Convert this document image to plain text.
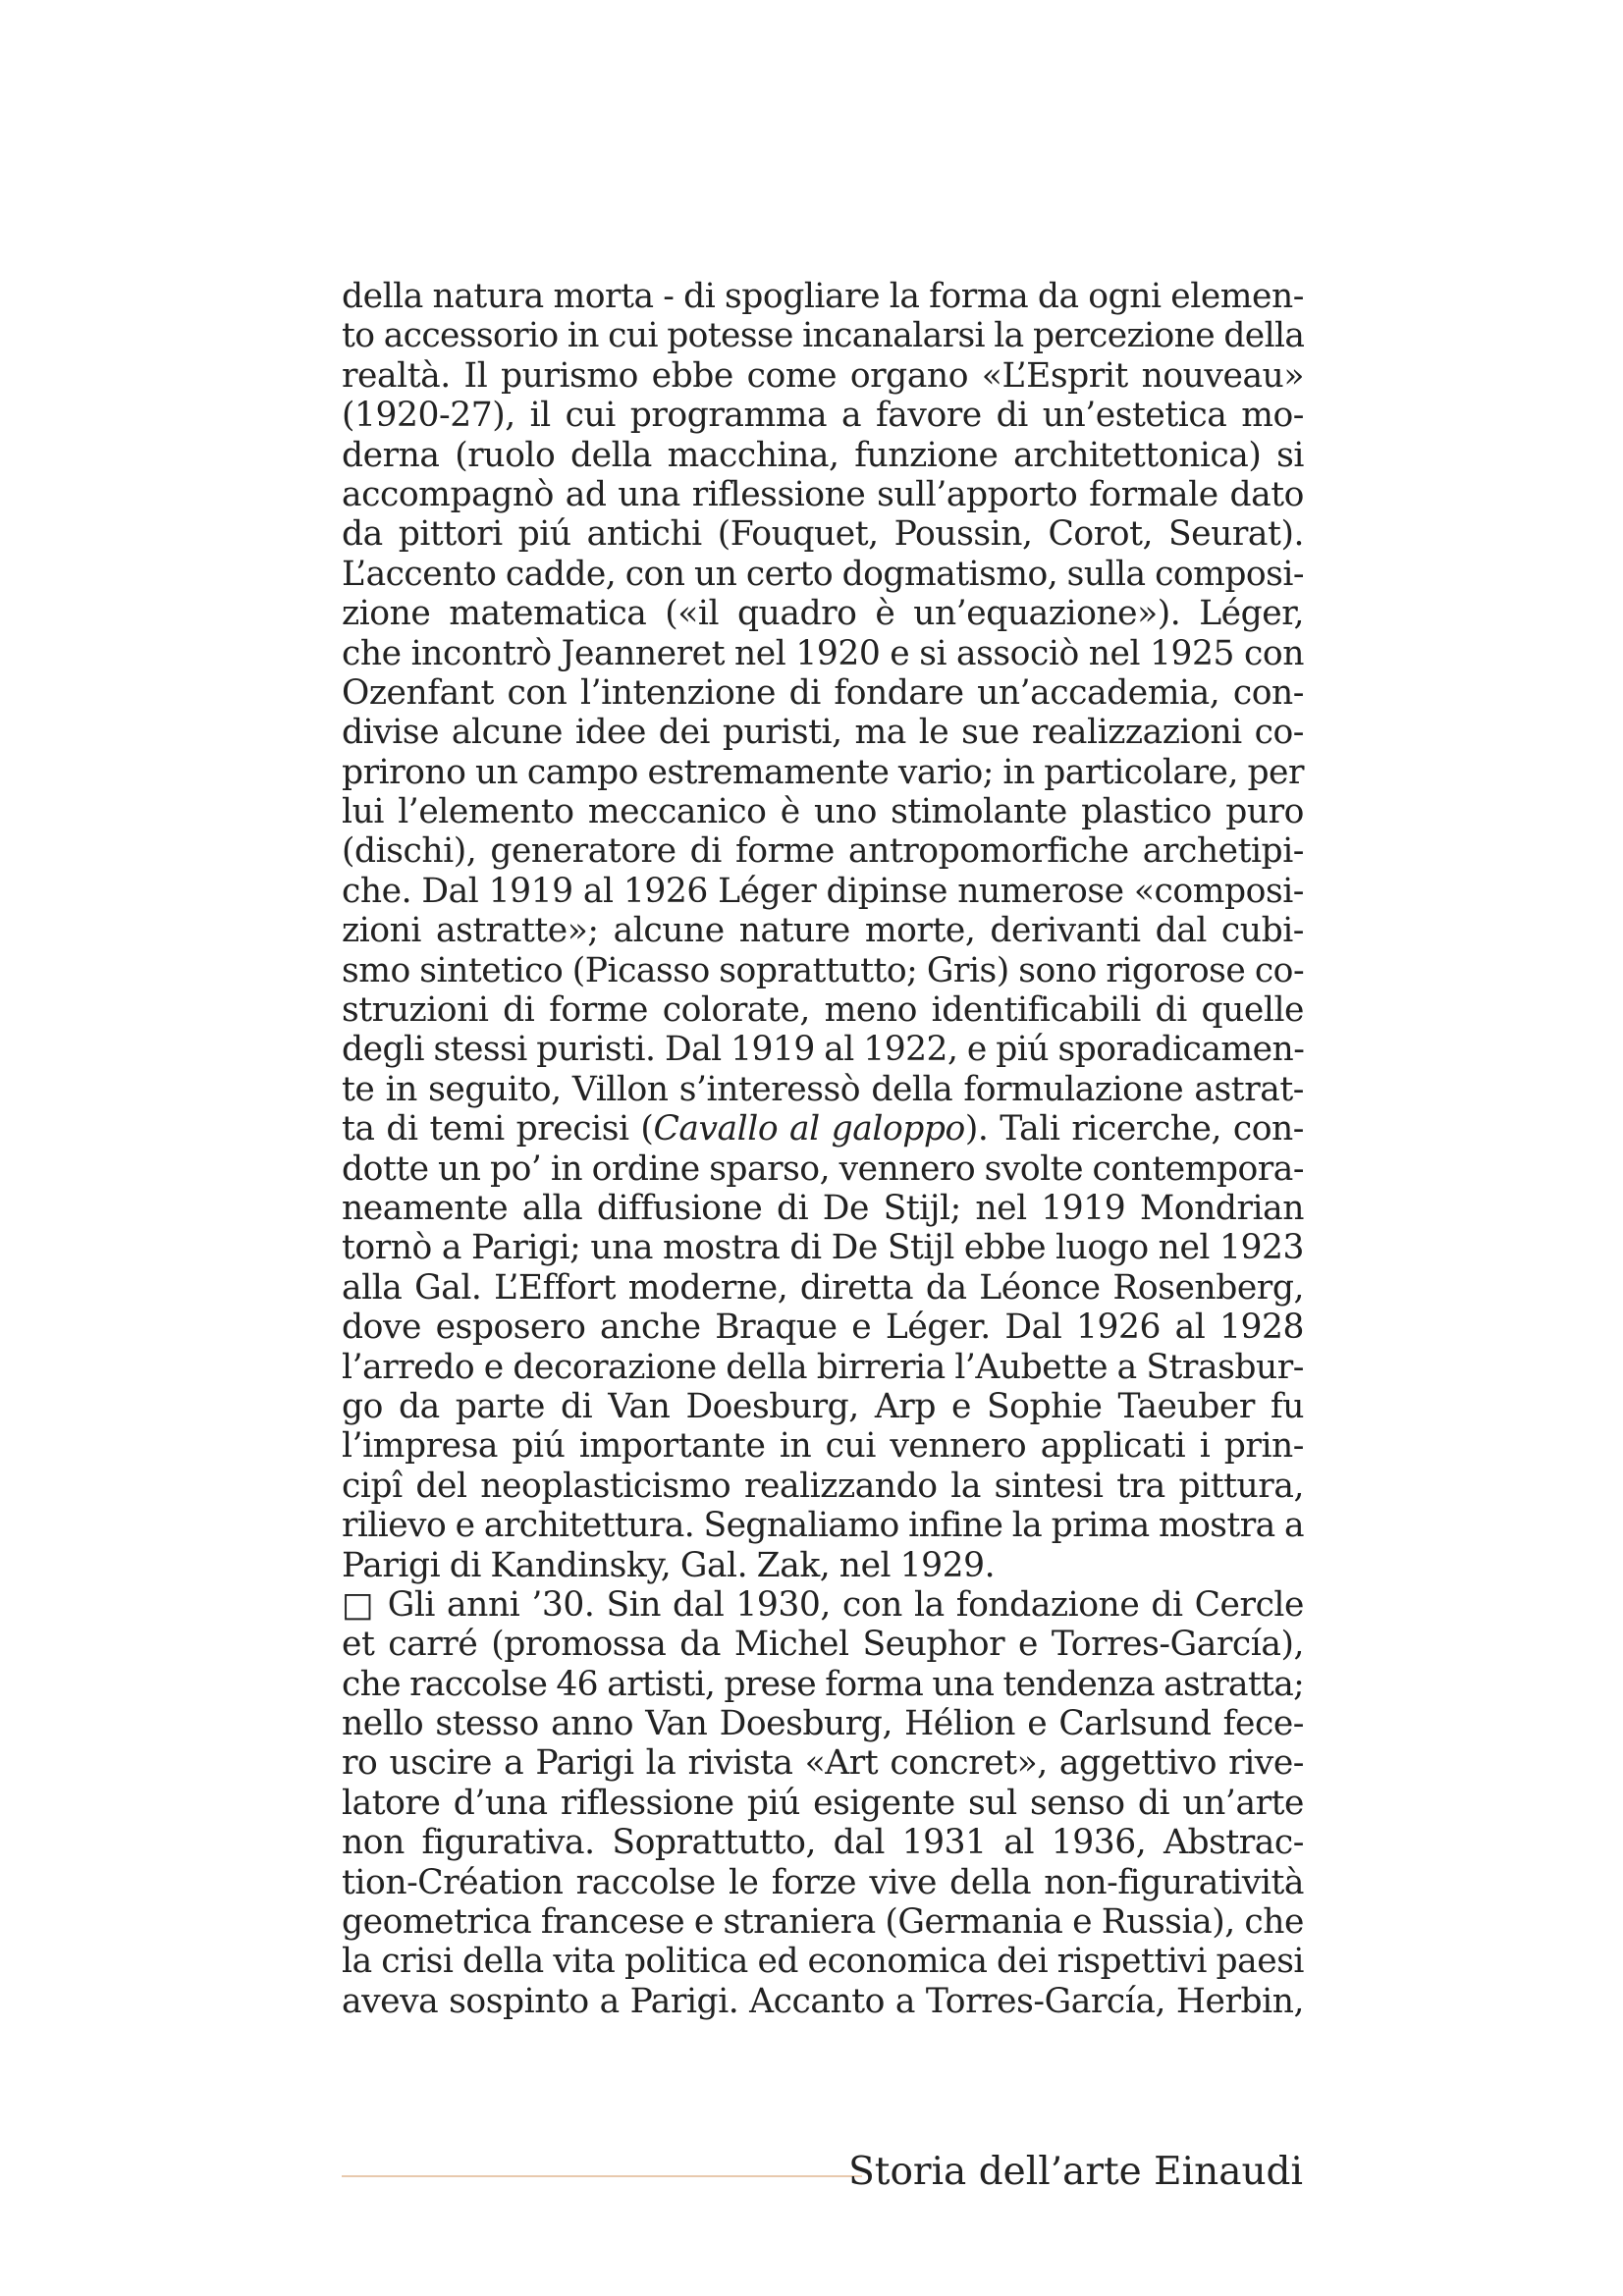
della natura morta - di spogliare la forma da ogni elemen-
to accessorio in cui potesse incanalarsi la percezione della
realtà. Il purismo ebbe come organo «L’Esprit nouveau»
(1920-27), il cui programma a favore di un’estetica mo-
derna (ruolo della macchina, funzione architettonica) si
accompagnò ad una riflessione sull’apporto formale dato
da pittori piú antichi (Fouquet, Poussin, Corot, Seurat).
L’accento cadde, con un certo dogmatismo, sulla composi-
zione matematica («il quadro è un’equazione»). Léger,
che incontrò Jeanneret nel 1920 e si associò nel 1925 con
Ozenfant con l’intenzione di fondare un’accademia, con-
divise alcune idee dei puristi, ma le sue realizzazioni co-
prirono un campo estremamente vario; in particolare, per
lui l’elemento meccanico è uno stimolante plastico puro
(dischi), generatore di forme antropomorfiche archetipi-
che. Dal 1919 al 1926 Léger dipinse numerose «composi-
zioni astratte»; alcune nature morte, derivanti dal cubi-
smo sintetico (Picasso soprattutto; Gris) sono rigorose co-
struzioni di forme colorate, meno identificabili di quelle
degli stessi puristi. Dal 1919 al 1922, e piú sporadicamen-
te in seguito, Villon s’interessò della formulazione astrat-
ta di temi precisi (Cavallo al galoppo). Tali ricerche, con-
dotte un po’ in ordine sparso, vennero svolte contempora-
neamente alla diffusione di De Stijl; nel 1919 Mondrian
tornò a Parigi; una mostra di De Stijl ebbe luogo nel 1923
alla Gal. L’Effort moderne, diretta da Léonce Rosenberg,
dove esposero anche Braque e Léger. Dal 1926 al 1928
l’arredo e decorazione della birreria l’Aubette a Strasbur-
go da parte di Van Doesburg, Arp e Sophie Taeuber fu
l’impresa piú importante in cui vennero applicati i prin-
cipî del neoplasticismo realizzando la sintesi tra pittura,
rilievo e architettura. Segnaliamo infine la prima mostra a
Parigi di Kandinsky, Gal. Zak, nel 1929.
□ Gli anni ’30. Sin dal 1930, con la fondazione di Cercle
et carré (promossa da Michel Seuphor e Torres-García),
che raccolse 46 artisti, prese forma una tendenza astratta;
nello stesso anno Van Doesburg, Hélion e Carlsund fece-
ro uscire a Parigi la rivista «Art concret», aggettivo rive-
latore d’una riflessione piú esigente sul senso di un’arte
non figurativa. Soprattutto, dal 1931 al 1936, Abstrac-
tion-Création raccolse le forze vive della non-figuratività
geometrica francese e straniera (Germania e Russia), che
la crisi della vita politica ed economica dei rispettivi paesi
aveva sospinto a Parigi. Accanto a Torres-García, Herbin,
Storia dell’arte Einaudi
